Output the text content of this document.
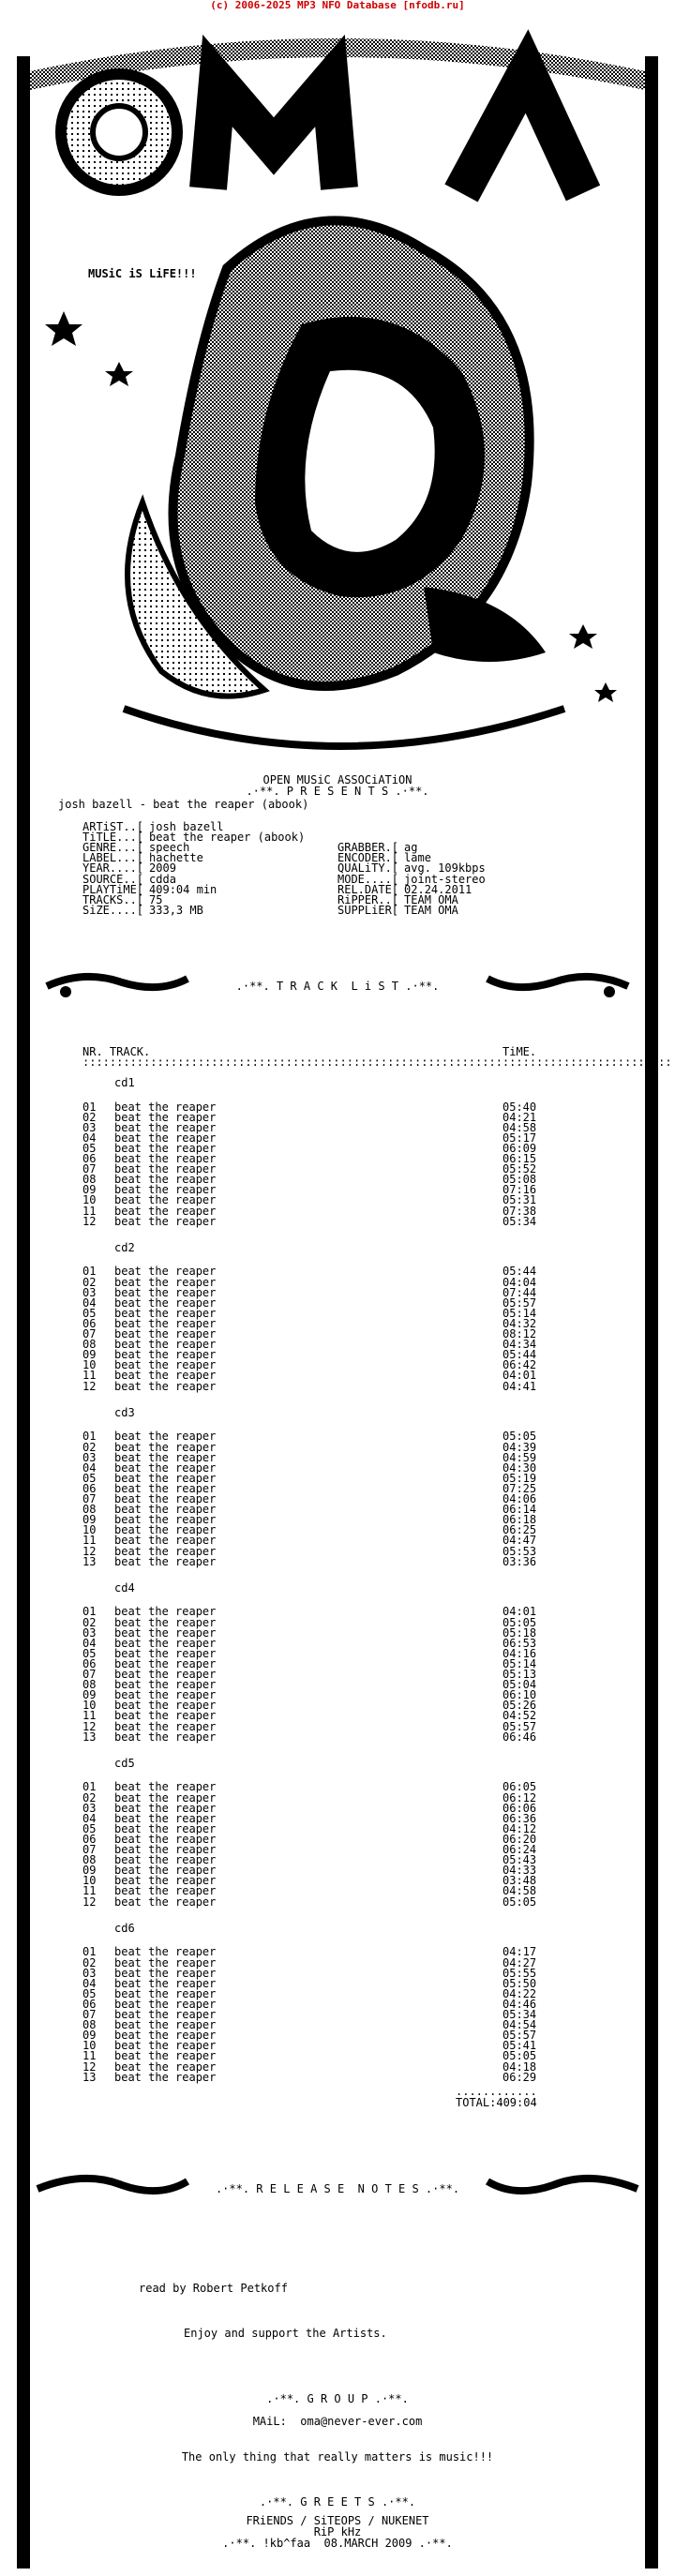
(c) 2006-2025 MP3 NFO Database [nfodb.ru]
MUSiC iS LiFE!!!
OPEN MUSiC ASSOCiATiON
.·**. P R E S E N T S .·**.
josh bazell - beat the reaper (abook)
ARTiST..[ josh bazell
TiTLE...[ beat the reaper (abook)
GENRE...[ speech
LABEL...[ hachette
YEAR....[ 2009
SOURCE..[ cdda
PLAYTiME[ 409:04 min
TRACKS..[ 75
SiZE....[ 333,3 MB
GRABBER.[ ag
ENCODER.[ lame
QUALiTY.[ avg. 109kbps
MODE....[ joint-stereo
REL.DATE[ 02.24.2011
RiPPER..[ TEAM OMA
SUPPLiER[ TEAM OMA
.·**. T R A C K  L i S T .·**.
NR. TRACK.	TiME.
:::::::::::::::::::::::::::::::::::::::::::::::::::::::::::::::::::::::::::::::::::::::
cd1
01 beat the reaper	05:40
02 beat the reaper	04:21
03 beat the reaper	04:58
04 beat the reaper	05:17
05 beat the reaper	06:09
06 beat the reaper	06:15
07 beat the reaper	05:52
08 beat the reaper	05:08
09 beat the reaper	07:16
10 beat the reaper	05:31
11 beat the reaper	07:38
12 beat the reaper	05:34
cd2
01 beat the reaper	05:44
02 beat the reaper	04:04
03 beat the reaper	07:44
04 beat the reaper	05:57
05 beat the reaper	05:14
06 beat the reaper	04:32
07 beat the reaper	08:12
08 beat the reaper	04:34
09 beat the reaper	05:44
10 beat the reaper	06:42
11 beat the reaper	04:01
12 beat the reaper	04:41
cd3
01 beat the reaper	05:05
02 beat the reaper	04:39
03 beat the reaper	04:59
04 beat the reaper	04:30
05 beat the reaper	05:19
06 beat the reaper	07:25
07 beat the reaper	04:06
08 beat the reaper	06:14
09 beat the reaper	06:18
10 beat the reaper	06:25
11 beat the reaper	04:47
12 beat the reaper	05:53
13 beat the reaper	03:36
cd4
01 beat the reaper	04:01
02 beat the reaper	05:05
03 beat the reaper	05:18
04 beat the reaper	06:53
05 beat the reaper	04:16
06 beat the reaper	05:14
07 beat the reaper	05:13
08 beat the reaper	05:04
09 beat the reaper	06:10
10 beat the reaper	05:26
11 beat the reaper	04:52
12 beat the reaper	05:57
13 beat the reaper	06:46
cd5
01 beat the reaper	06:05
02 beat the reaper	06:12
03 beat the reaper	06:06
04 beat the reaper	06:36
05 beat the reaper	04:12
06 beat the reaper	06:20
07 beat the reaper	06:24
08 beat the reaper	05:43
09 beat the reaper	04:33
10 beat the reaper	03:48
11 beat the reaper	04:58
12 beat the reaper	05:05
cd6
01 beat the reaper	04:17
02 beat the reaper	04:27
03 beat the reaper	05:55
04 beat the reaper	05:50
05 beat the reaper	04:22
06 beat the reaper	04:46
07 beat the reaper	05:34
08 beat the reaper	04:54
09 beat the reaper	05:57
10 beat the reaper	05:41
11 beat the reaper	05:05
12 beat the reaper	04:18
13 beat the reaper	06:29
............
TOTAL:409:04
.·**. R E L E A S E  N O T E S .·**.
read by Robert Petkoff
Enjoy and support the Artists.
.·**. G R O U P .·**.
MAiL:  oma@never-ever.com
The only thing that really matters is music!!!
.·**. G R E E T S .·**.
FRiENDS / SiTEOPS / NUKENET
RiP kHz
.·**. !kb^faa  08.MARCH 2009 .·**.
